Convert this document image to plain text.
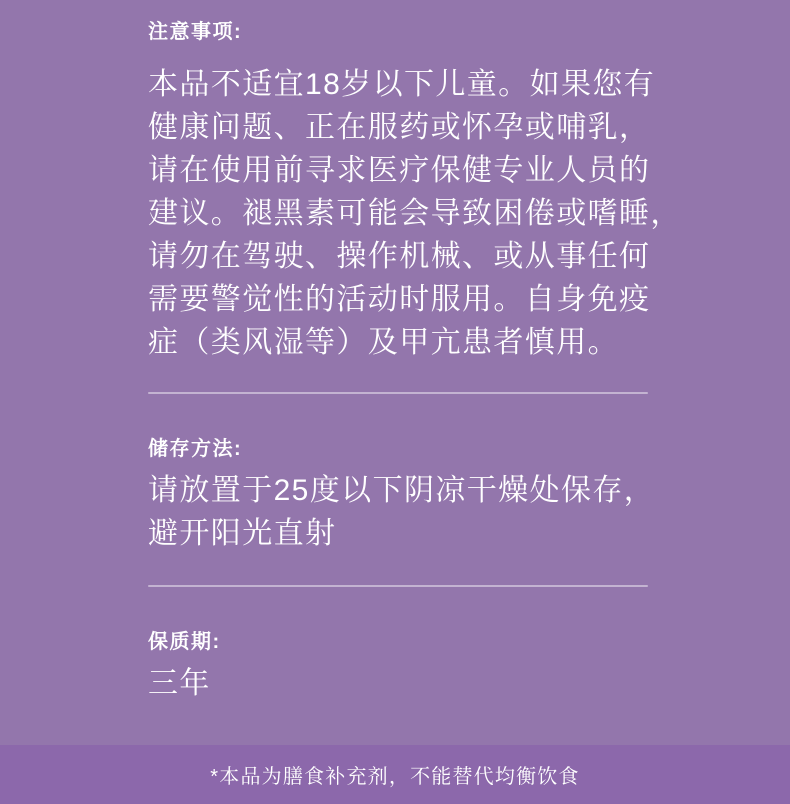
注意事项:
本品不适宜18岁以下儿童。如果您有
健康问题、正在服药或怀孕或哺乳，
请在使用前寻求医疗保健专业人员的
建议。褪黑素可能会导致困倦或嗜睡，
请勿在驾驶、操作机械、或从事任何
需要警觉性的活动时服用。自身免疫
症（类风湿等）及甲亢患者慎用。
储存方法:
请放置于25度以下阴凉干燥处保存，
避开阳光直射
保质期:
三年
*本品为膳食补充剂，不能替代均衡饮食
